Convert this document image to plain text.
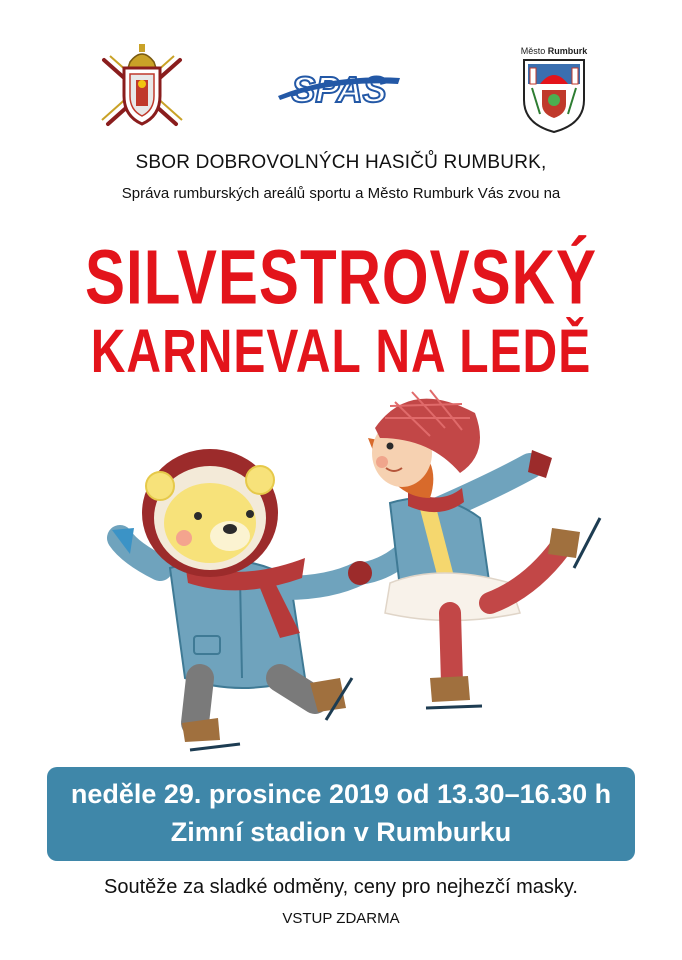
SPAS
Město Rumburk
SBOR DOBROVOLNÝCH HASIČŮ RUMBURK,
Správa rumburských areálů sportu a Město Rumburk Vás zvou na
SILVESTROVSKÝ
KARNEVAL NA LEDĚ
neděle 29. prosince 2019 od 13.30–16.30 h
Zimní stadion v Rumburku
Soutěže za sladké odměny, ceny pro nejhezčí masky.
VSTUP ZDARMA
